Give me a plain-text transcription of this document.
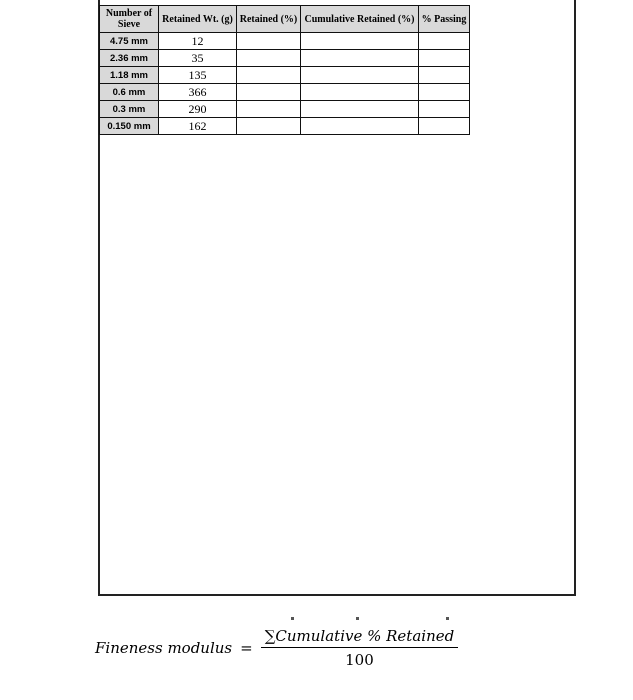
Number of Sieve	Retained Wt. (g)	Retained (%)	Cumulative Retained (%)	% Passing
4.75 mm	12			
2.36 mm	35			
1.18 mm	135			
0.6 mm	366			
0.3 mm	290			
0.150 mm	162			
Fineness modulus = $\frac{\text{∑Cumulative \% Retained}}{100}$
